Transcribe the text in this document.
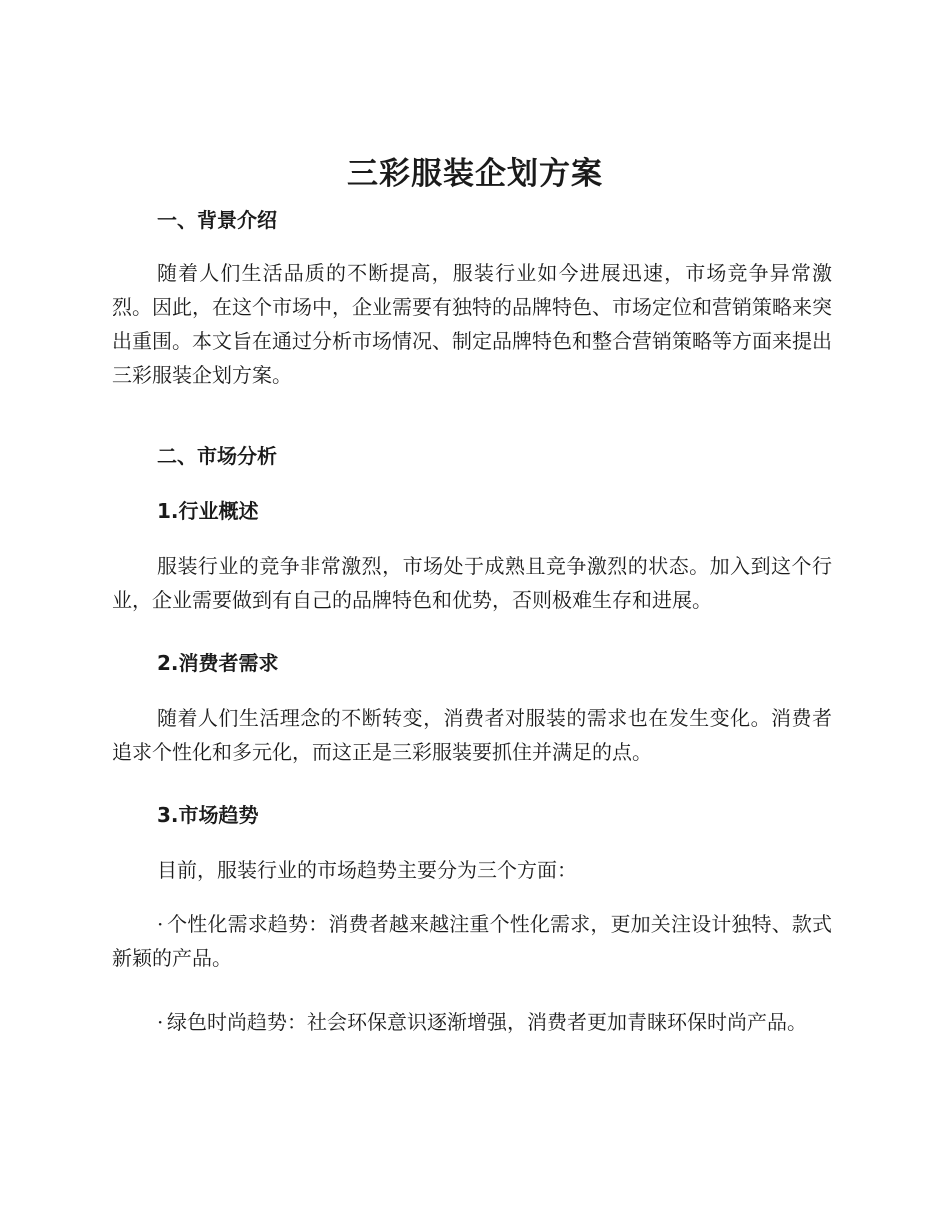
三彩服装企划方案
一、背景介绍

随着人们生活品质的不断提高，服装行业如今进展迅速，市场竞争异常激烈。因此，在这个市场中，企业需要有独特的品牌特色、市场定位和营销策略来突出重围。本文旨在通过分析市场情况、制定品牌特色和整合营销策略等方面来提出三彩服装企划方案。

二、市场分析
1.行业概述

服装行业的竞争非常激烈，市场处于成熟且竞争激烈的状态。加入到这个行业，企业需要做到有自己的品牌特色和优势，否则极难生存和进展。

2.消费者需求

随着人们生活理念的不断转变，消费者对服装的需求也在发生变化。消费者追求个性化和多元化，而这正是三彩服装要抓住并满足的点。

3.市场趋势

目前，服装行业的市场趋势主要分为三个方面：

· 个性化需求趋势：消费者越来越注重个性化需求，更加关注设计独特、款式新颖的产品。

· 绿色时尚趋势：社会环保意识逐渐增强，消费者更加青睐环保时尚产品。
